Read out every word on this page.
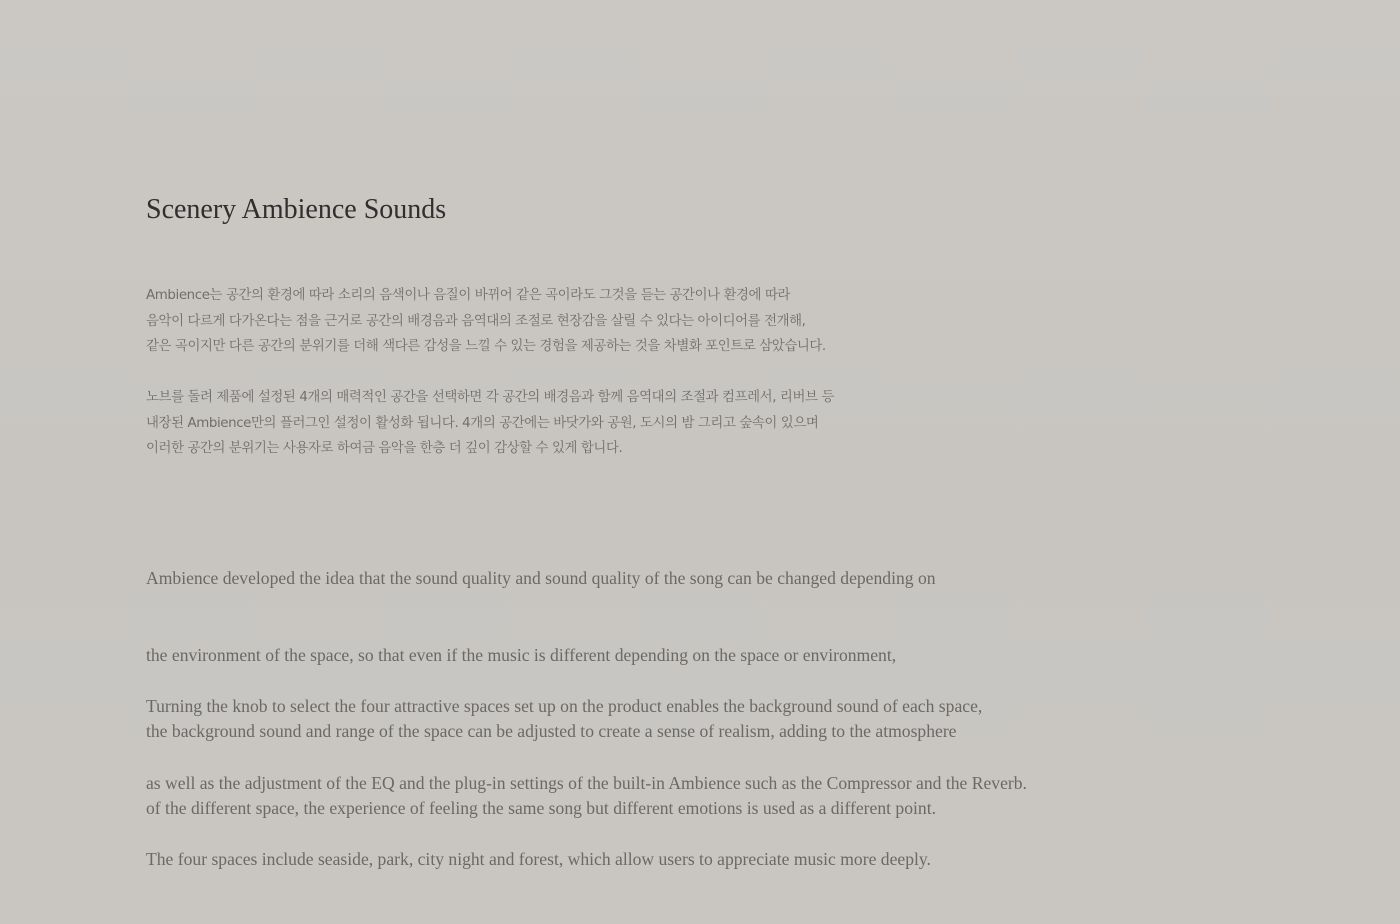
Scenery Ambience Sounds

Ambience는 공간의 환경에 따라 소리의 음색이나 음질이 바뀌어 같은 곡이라도 그것을 듣는 공간이나 환경에 따라
음악이 다르게 다가온다는 점을 근거로 공간의 배경음과 음역대의 조절로 현장감을 살릴 수 있다는 아이디어를 전개해,
같은 곡이지만 다른 공간의 분위기를 더해 색다른 감성을 느낄 수 있는 경험을 제공하는 것을 차별화 포인트로 삼았습니다.

노브를 돌려 제품에 설정된 4개의 매력적인 공간을 선택하면 각 공간의 배경음과 함께 음역대의 조절과 컴프레서, 리버브 등
내장된 Ambience만의 플러그인 설정이 활성화 됩니다. 4개의 공간에는 바닷가와 공원, 도시의 밤 그리고 숲속이 있으며
이러한 공간의 분위기는 사용자로 하여금 음악을 한층 더 깊이 감상할 수 있게 합니다.

Ambience developed the idea that the sound quality and sound quality of the song can be changed depending on

the environment of the space, so that even if the music is different depending on the space or environment,

the background sound and range of the space can be adjusted to create a sense of realism, adding to the atmosphere

of the different space, the experience of feeling the same song but different emotions is used as a different point.

Turning the knob to select the four attractive spaces set up on the product enables the background sound of each space,

as well as the adjustment of the EQ and the plug-in settings of the built-in Ambience such as the Compressor and the Reverb.

The four spaces include seaside, park, city night and forest, which allow users to appreciate music more deeply.
